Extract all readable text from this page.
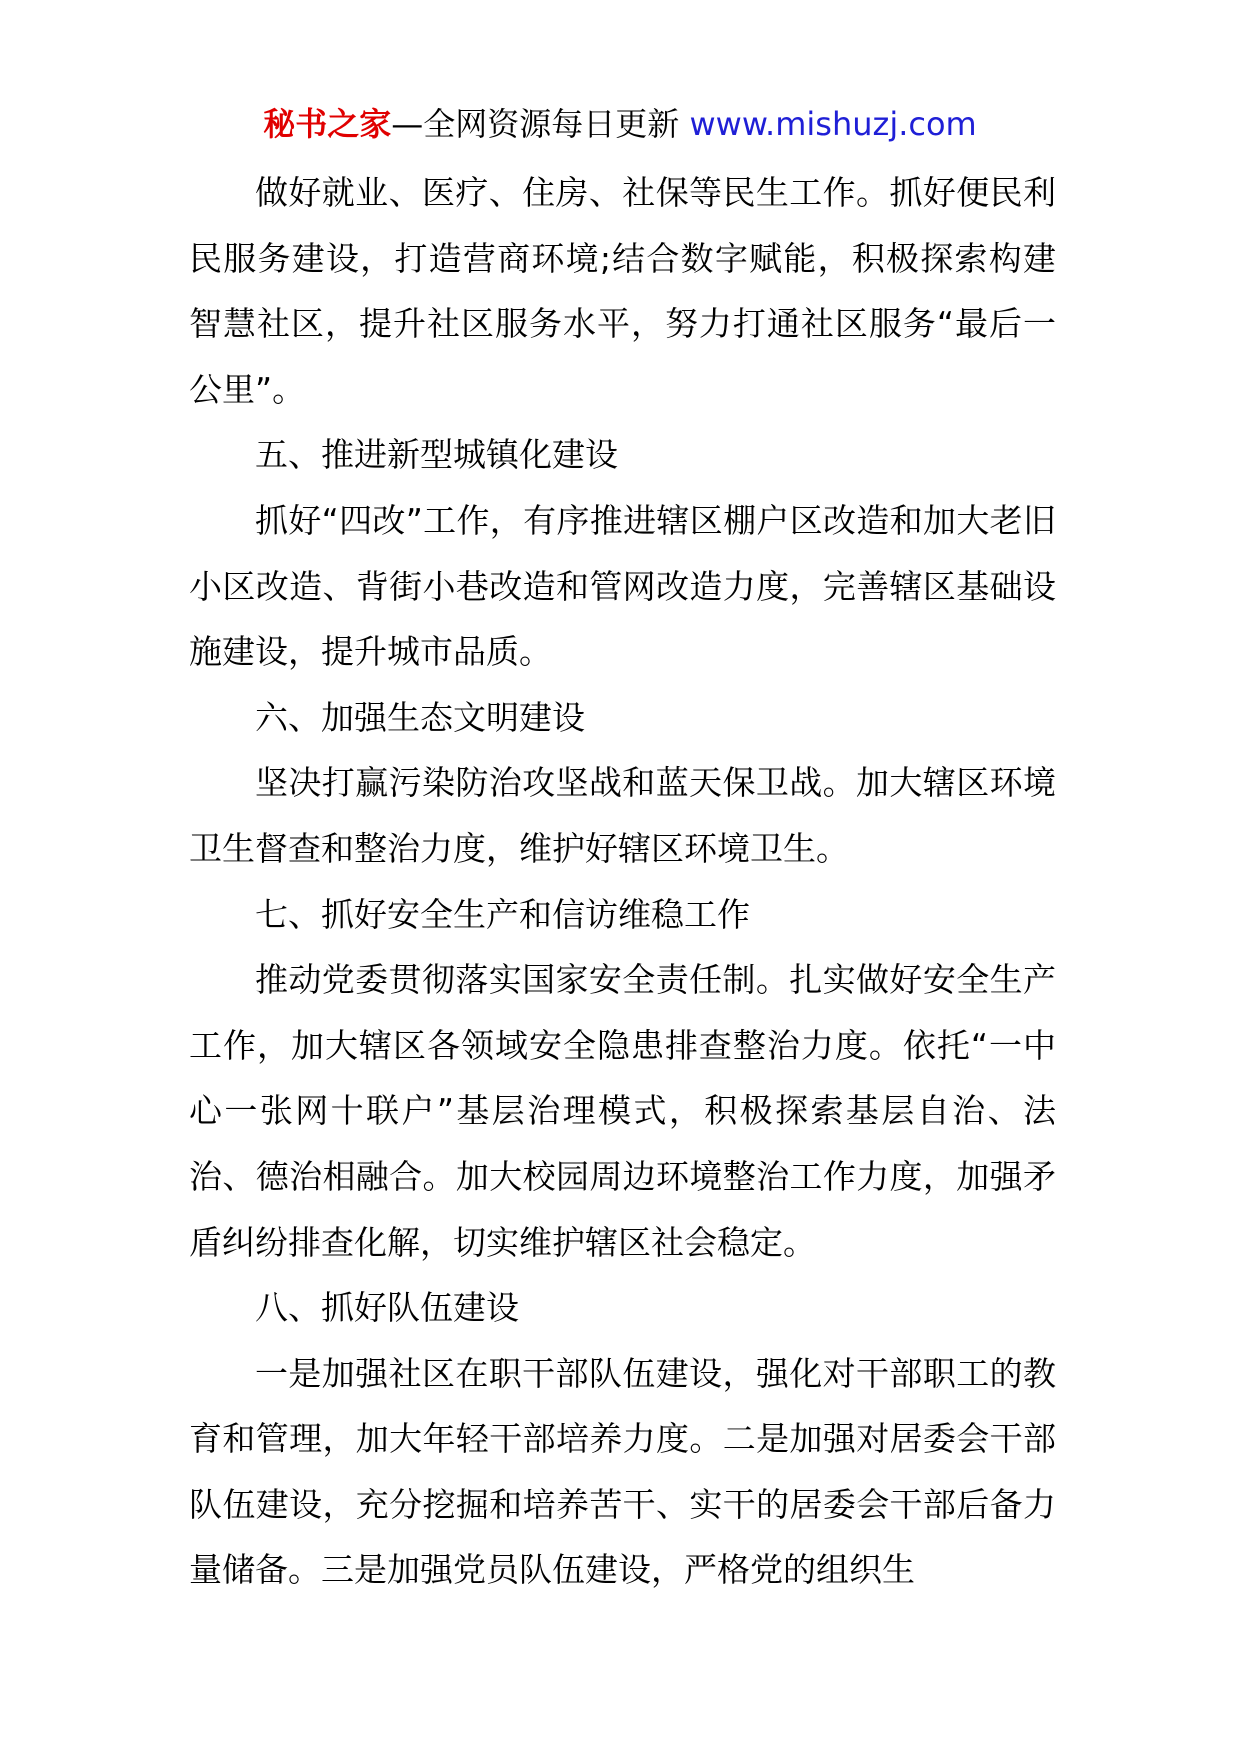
秘书之家—全网资源每日更新 www.mishuzj.com

做好就业、医疗、住房、社保等民生工作。抓好便民利民服务建设，打造营商环境;结合数字赋能，积极探索构建智慧社区，提升社区服务水平，努力打通社区服务“最后一公里”。

五、推进新型城镇化建设

抓好“四改”工作，有序推进辖区棚户区改造和加大老旧小区改造、背街小巷改造和管网改造力度，完善辖区基础设施建设，提升城市品质。

六、加强生态文明建设

坚决打赢污染防治攻坚战和蓝天保卫战。加大辖区环境卫生督查和整治力度，维护好辖区环境卫生。

七、抓好安全生产和信访维稳工作

推动党委贯彻落实国家安全责任制。扎实做好安全生产工作，加大辖区各领域安全隐患排查整治力度。依托“一中心一张网十联户”基层治理模式，积极探索基层自治、法治、德治相融合。加大校园周边环境整治工作力度，加强矛盾纠纷排查化解，切实维护辖区社会稳定。

八、抓好队伍建设

一是加强社区在职干部队伍建设，强化对干部职工的教育和管理，加大年轻干部培养力度。二是加强对居委会干部队伍建设，充分挖掘和培养苦干、实干的居委会干部后备力量储备。三是加强党员队伍建设，严格党的组织生
